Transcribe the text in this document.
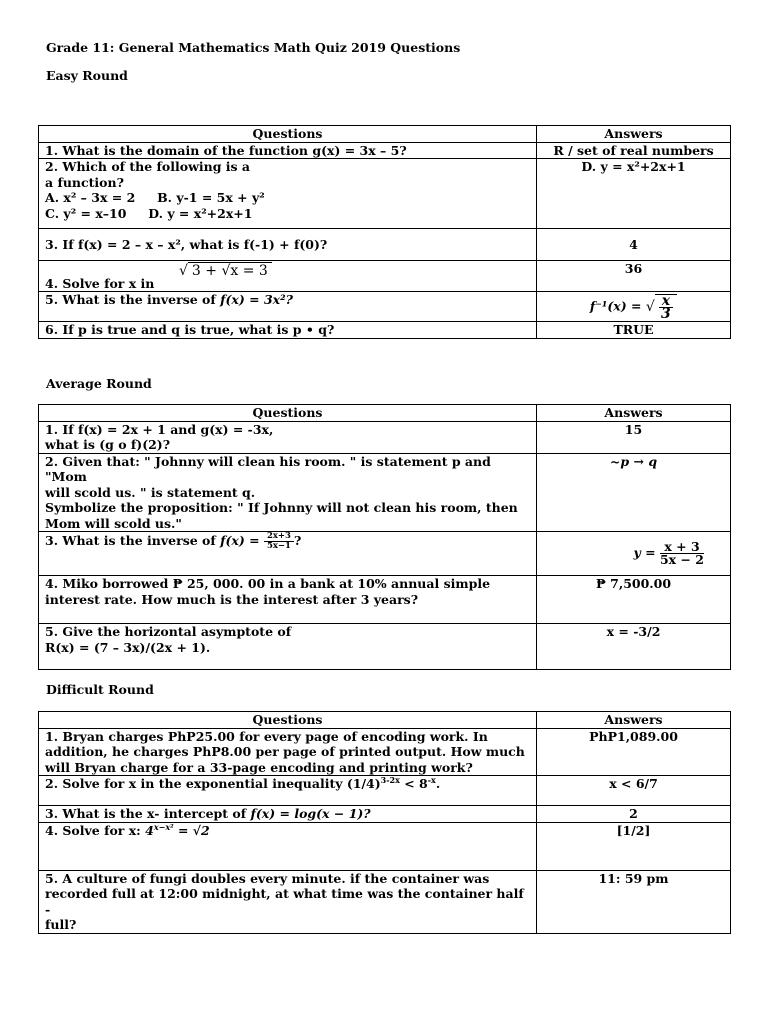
Grade 11: General Mathematics Math Quiz 2019 Questions

Easy Round

Questions	Answers
1. What is the domain of the function g(x) = 3x – 5?	R / set of real numbers

2. Which of the following is a
a function?
A. x² – 3x = 2 B. y-1 = 5x + y²
C. y² = x–10 D. y = x²+2x+1	D. y = x²+2x+1
3. If f(x) = 2 – x – x², what is f(-1) + f(0)?	4
4. Solve for x in
√ 3 + √x = 3	36
5. What is the inverse of f(x) = 3x²?	f⁻¹(x) = √ $\frac{x}{3}$

6. If p is true and q is true, what is p • q?	TRUE

Average Round

Questions	Answers

1. If f(x) = 2x + 1 and g(x) = -3x,
what is (g o f)(2)?	15

2. Given that: " Johnny will clean his room. " is statement p and "Mom
will scold us. " is statement q.
Symbolize the proposition: " If Johnny will not clean his room, then
Mom will scold us."	~p → q
3. What is the inverse of $f(x) = \frac{2x+3}{5x-1}$ ?	$y = \frac{x + 3}{5x - 2}$

4. Miko borrowed ₱ 25, 000. 00 in a bank at 10% annual simple
interest rate. How much is the interest after 3 years?	₱ 7,500.00

5. Give the horizontal asymptote of
R(x) = (7 – 3x)/(2x + 1).	x = -3/2

Difficult Round

Questions	Answers

1. Bryan charges PhP25.00 for every page of encoding work. In
addition, he charges PhP8.00 per page of printed output. How much
will Bryan charge for a 33-page encoding and printing work?	PhP1,089.00
2. Solve for x in the exponential inequality $(1/4)^{3-2x} < 8^{-x}$.	x < 6/7
3. What is the x- intercept of f(x) = log(x − 1)?	2
4. Solve for x: $4^{x-x^2} = √2$	[1/2]

5. A culture of fungi doubles every minute. if the container was
recorded full at 12:00 midnight, at what time was the container half -
full?	11: 59 pm
